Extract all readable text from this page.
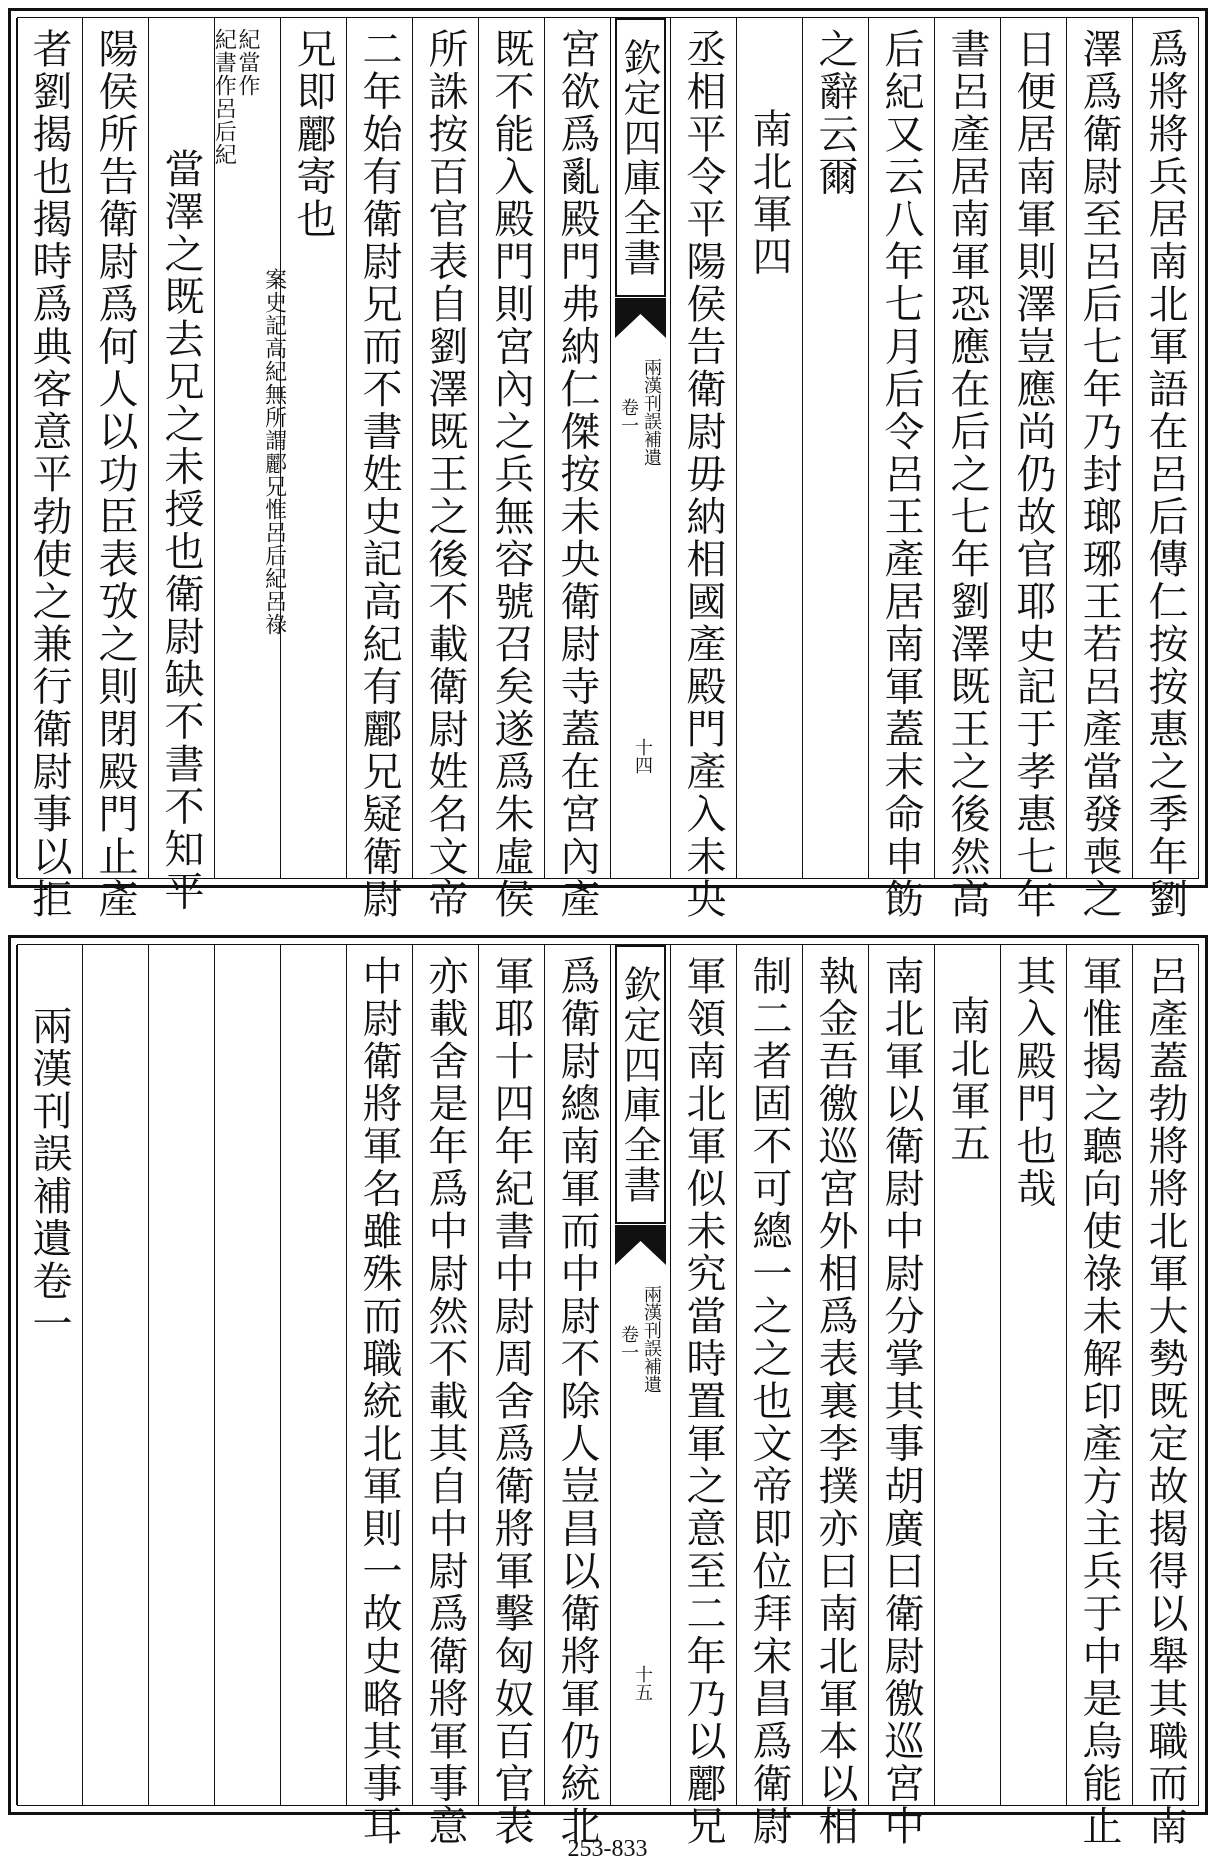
爲將將兵居南北軍語在呂后傳仁按按惠之季年劉
澤爲衛尉至呂后七年乃封瑯琊王若呂產當發喪之
日便居南軍則澤豈應尚仍故官耶史記于孝惠七年
書呂產居南軍恐應在后之七年劉澤既王之後然高
后紀又云八年七月后令呂王產居南軍蓋末命申飭
之辭云爾
南北軍四
丞相平令平陽侯告衛尉毋納相國產殿門產入未央
欽定四庫全書
兩漢刊誤補遺
卷一
十四
宮欲爲亂殿門弗納仁傑按未央衛尉寺蓋在宮內產
既不能入殿門則宮內之兵無容號召矣遂爲朱虛侯
所誅按百官表自劉澤既王之後不載衛尉姓名文帝
二年始有衛尉兄而不書姓史記高紀有酈兄疑衛尉
兄即酈寄也
案史記高紀無所謂酈兄惟呂后紀呂祿
紀當作
紀書作呂后紀
當澤之既去兄之未授也衛尉缺不書不知平
陽侯所告衛尉爲何人以功臣表攷之則閉殿門止產
者劉揭也揭時爲典客意平勃使之兼行衛尉事以拒
呂產蓋勃將將北軍大勢既定故揭得以舉其職而南
軍惟揭之聽向使祿未解印產方主兵于中是烏能止
其入殿門也哉
南北軍五
南北軍以衛尉中尉分掌其事胡廣曰衛尉徼巡宮中
執金吾徼巡宮外相爲表裏李撲亦曰南北軍本以相
制二者固不可總一之之也文帝即位拜宋昌爲衛尉
軍領南北軍似未究當時置軍之意至二年乃以酈兄
欽定四庫全書
兩漢刊誤補遺
卷一
十五
爲衛尉總南軍而中尉不除人豈昌以衛將軍仍統北
軍耶十四年紀書中尉周舍爲衛將軍擊匈奴百官表
亦載舍是年爲中尉然不載其自中尉爲衛將軍事意
中尉衛將軍名雖殊而職統北軍則一故史略其事耳
兩漢刊誤補遺卷一
253-833
